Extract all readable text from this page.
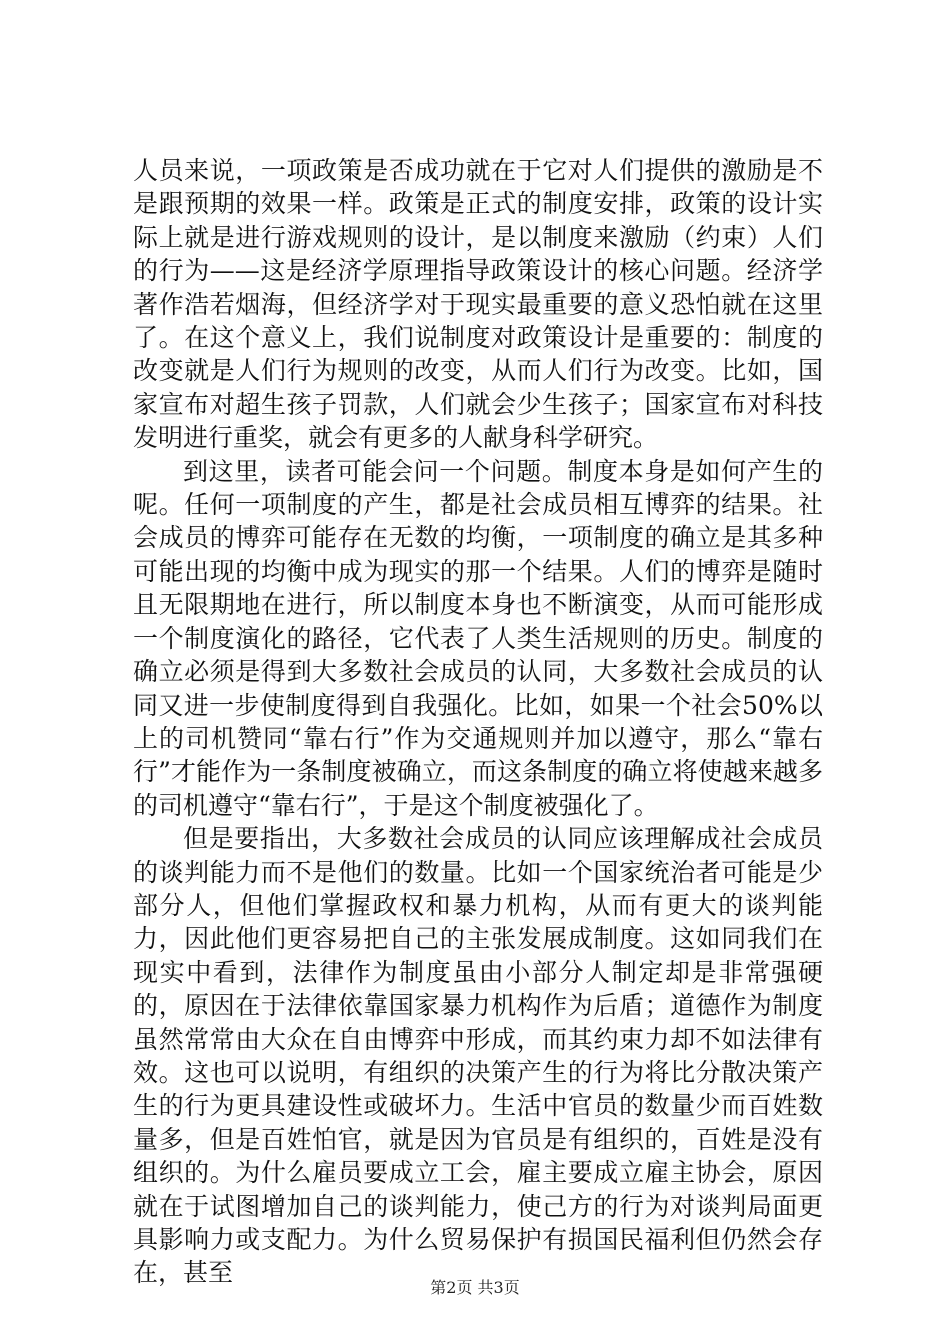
人员来说，一项政策是否成功就在于它对人们提供的激励是不是跟预期的效果一样。政策是正式的制度安排，政策的设计实际上就是进行游戏规则的设计，是以制度来激励（约束）人们的行为——这是经济学原理指导政策设计的核心问题。经济学著作浩若烟海，但经济学对于现实最重要的意义恐怕就在这里了。在这个意义上，我们说制度对政策设计是重要的：制度的改变就是人们行为规则的改变，从而人们行为改变。比如，国家宣布对超生孩子罚款，人们就会少生孩子；国家宣布对科技发明进行重奖，就会有更多的人献身科学研究。

到这里，读者可能会问一个问题。制度本身是如何产生的呢。任何一项制度的产生，都是社会成员相互博弈的结果。社会成员的博弈可能存在无数的均衡，一项制度的确立是其多种可能出现的均衡中成为现实的那一个结果。人们的博弈是随时且无限期地在进行，所以制度本身也不断演变，从而可能形成一个制度演化的路径，它代表了人类生活规则的历史。制度的确立必须是得到大多数社会成员的认同，大多数社会成员的认同又进一步使制度得到自我强化。比如，如果一个社会50%以上的司机赞同“靠右行”作为交通规则并加以遵守，那么“靠右行”才能作为一条制度被确立，而这条制度的确立将使越来越多的司机遵守“靠右行”，于是这个制度被强化了。

但是要指出，大多数社会成员的认同应该理解成社会成员的谈判能力而不是他们的数量。比如一个国家统治者可能是少部分人，但他们掌握政权和暴力机构，从而有更大的谈判能力，因此他们更容易把自己的主张发展成制度。这如同我们在现实中看到，法律作为制度虽由小部分人制定却是非常强硬的，原因在于法律依靠国家暴力机构作为后盾；道德作为制度虽然常常由大众在自由博弈中形成，而其约束力却不如法律有效。这也可以说明，有组织的决策产生的行为将比分散决策产生的行为更具建设性或破坏力。生活中官员的数量少而百姓数量多，但是百姓怕官，就是因为官员是有组织的，百姓是没有组织的。为什么雇员要成立工会，雇主要成立雇主协会，原因就在于试图增加自己的谈判能力，使己方的行为对谈判局面更具影响力或支配力。为什么贸易保护有损国民福利但仍然会存在，甚至

第2页 共3页
